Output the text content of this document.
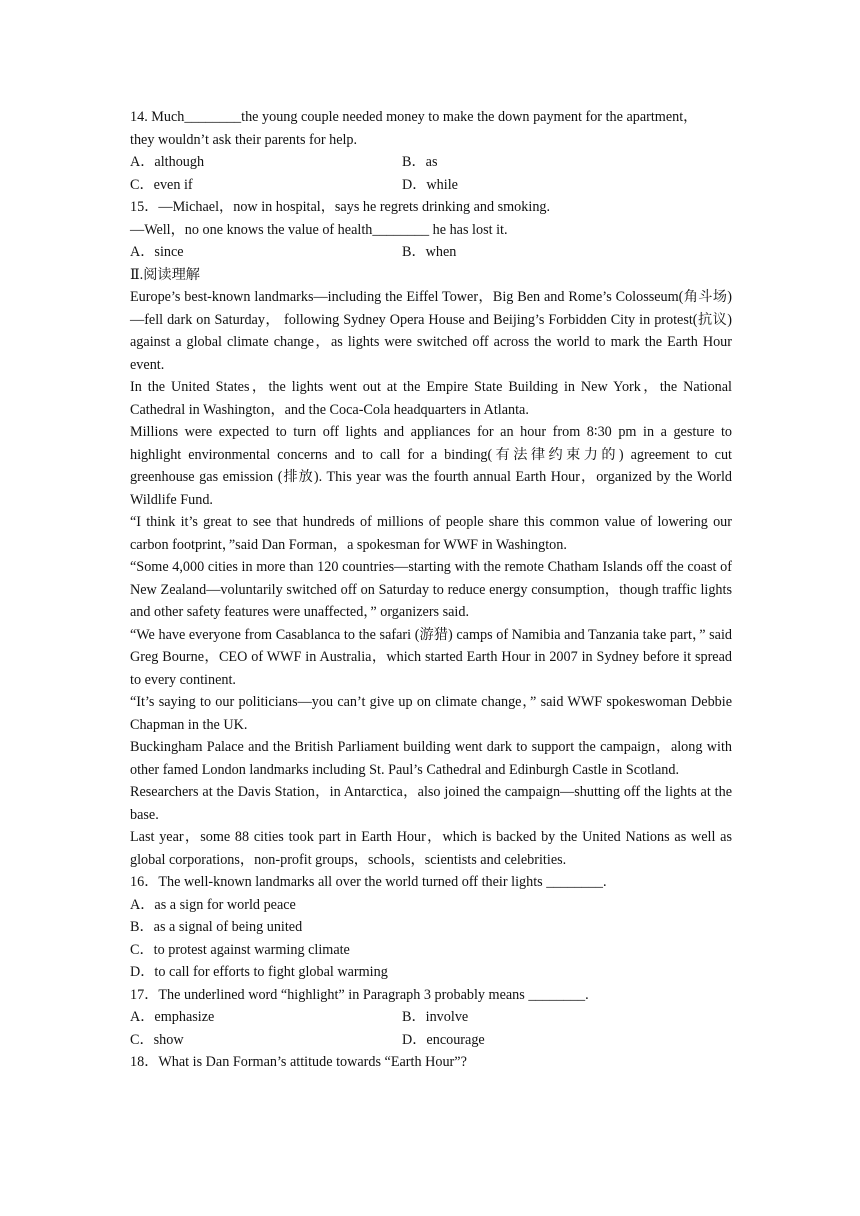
14. Much________the young couple needed money to make the down payment for the apartment，
they wouldn’t ask their parents for help.
A．although	B．as
C．even if	D．while
15．—Michael，now in hospital，says he regrets drinking and smoking.
—Well，no one knows the value of health________ he has lost it.
A．since	B．when
Ⅱ.阅读理解
Europe’s best-known landmarks—including the Eiffel Tower，Big Ben and Rome’s Colosseum(角斗场)—fell dark on Saturday， following Sydney Opera House and Beijing’s Forbidden City in protest(抗议) against a global climate change，as lights were switched off across the world to mark the Earth Hour event.
In the United States，the lights went out at the Empire State Building in New York，the National Cathedral in Washington，and the Coca-Cola headquarters in Atlanta.
Millions were expected to turn off lights and appliances for an hour from 8∶30 pm in a gesture to highlight environmental concerns and to call for a binding(有法律约束力的) agreement to cut greenhouse gas emission (排放). This year was the fourth annual Earth Hour，organized by the World Wildlife Fund.
“I think it’s great to see that hundreds of millions of people share this common value of lowering our carbon footprint，”said Dan Forman，a spokesman for WWF in Washington.
“Some 4,000 cities in more than 120 countries—starting with the remote Chatham Islands off the coast of New Zealand—voluntarily switched off on Saturday to reduce energy consumption，though traffic lights and other safety features were unaffected，” organizers said.
“We have everyone from Casablanca to the safari (游猎) camps of Namibia and Tanzania take part，” said Greg Bourne，CEO of WWF in Australia，which started Earth Hour in 2007 in Sydney before it spread to every continent.
“It’s saying to our politicians—you can’t give up on climate change，” said WWF spokeswoman Debbie Chapman in the UK.
Buckingham Palace and the British Parliament building went dark to support the campaign，along with other famed London landmarks including St. Paul’s Cathedral and Edinburgh Castle in Scotland.
Researchers at the Davis Station，in Antarctica，also joined the campaign—shutting off the lights at the base.
Last year，some 88 cities took part in Earth Hour，which is backed by the United Nations as well as global corporations，non-profit groups，schools，scientists and celebrities.
16．The well-known landmarks all over the world turned off their lights ________.
A．as a sign for world peace
B．as a signal of being united
C．to protest against warming climate
D．to call for efforts to fight global warming
17．The underlined word “highlight” in Paragraph 3 probably means ________.
A．emphasize	B．involve
C．show	D．encourage
18．What is Dan Forman’s attitude towards “Earth Hour”?
